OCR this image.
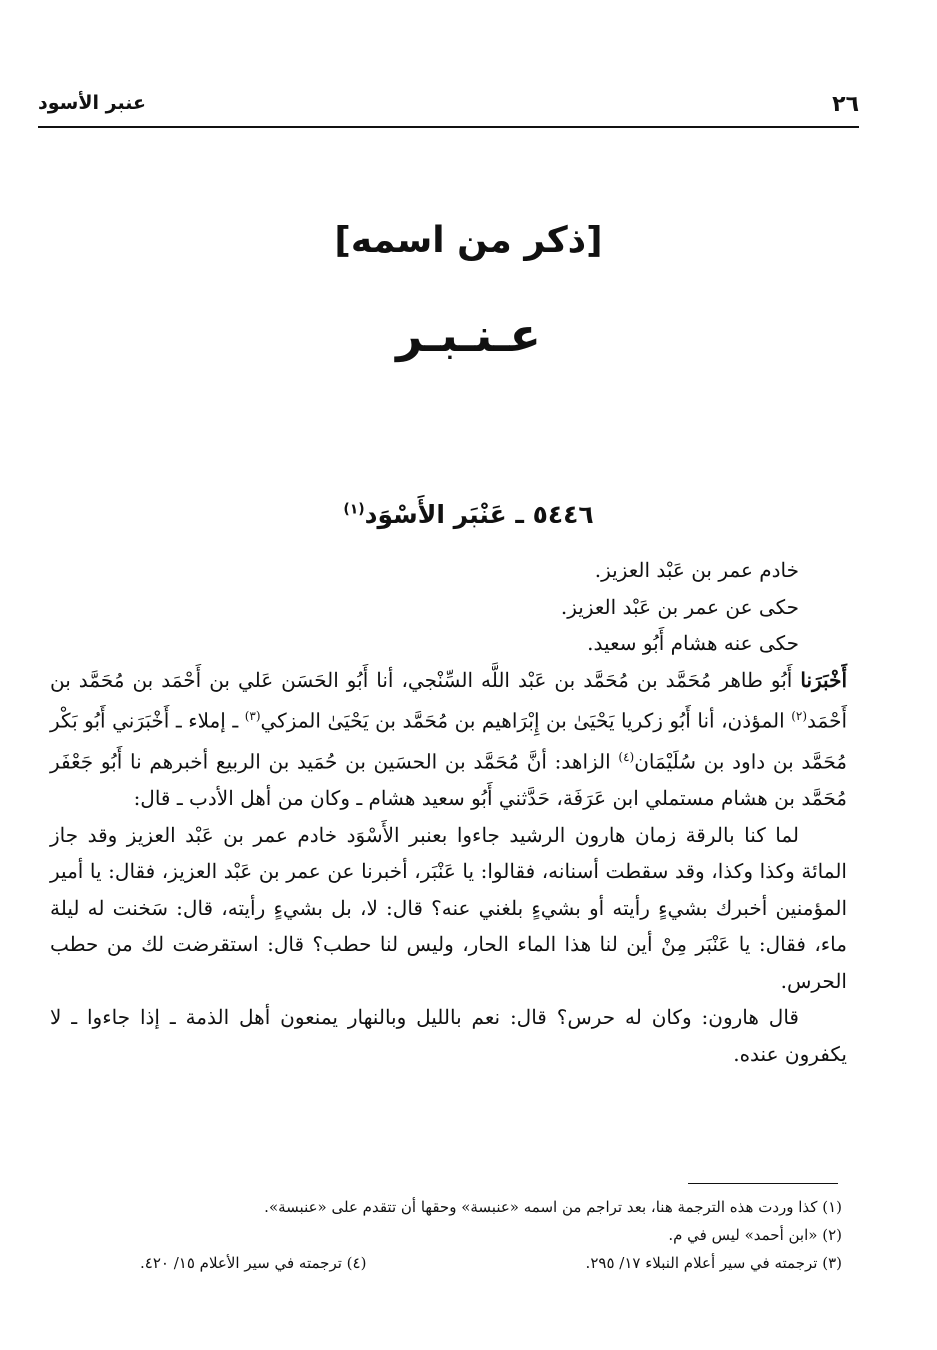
٢٦
عنبر الأسود
[ذكر من اسمه]
عـنـبـر
٥٤٤٦ ـ عَنْبَر الأَسْوَد$^{(١)}$

خادم عمر بن عَبْد العزيز.

حكى عن عمر بن عَبْد العزيز.

حكى عنه هشام أَبُو سعيد.

أَخْبَرَنا أَبُو طاهر مُحَمَّد بن مُحَمَّد بن عَبْد اللَّه السِّنْجي، أنا أَبُو الحَسَن عَلي بن أَحْمَد بن مُحَمَّد بن أَحْمَد$^{(٢)}$ المؤذن، أنا أَبُو زكريا يَحْيَىٰ بن إِبْرَاهيم بن مُحَمَّد بن يَحْيَىٰ المزكي$^{(٣)}$ ـ إملاء ـ أَخْبَرَني أَبُو بَكْر مُحَمَّد بن داود بن سُلَيْمَان$^{(٤)}$ الزاهد: أنَّ مُحَمَّد بن الحسَين بن حُمَيد بن الربيع أخبرهم نا أَبُو جَعْفَر مُحَمَّد بن هشام مستملي ابن عَرَفَة، حَدَّثني أَبُو سعيد هشام ـ وكان من أهل الأدب ـ قال:

لما كنا بالرقة زمان هارون الرشيد جاءوا بعنبر الأَسْوَد خادم عمر بن عَبْد العزيز وقد جاز المائة وكذا وكذا، وقد سقطت أسنانه، فقالوا: يا عَنْبَر، أخبرنا عن عمر بن عَبْد العزيز، فقال: يا أمير المؤمنين أخبرك بشيءٍ رأيته أو بشيءٍ بلغني عنه؟ قال: لا، بل بشيءٍ رأيته، قال: سَخنت له ليلة ماء، فقال: يا عَنْبَر مِنْ أين لنا هذا الماء الحار، وليس لنا حطب؟ قال: استقرضت لك من حطب الحرس.

قال هارون: وكان له حرس؟ قال: نعم بالليل وبالنهار يمنعون أهل الذمة ـ إذا جاءوا ـ لا يكفرون عنده.

(١) كذا وردت هذه الترجمة هنا، بعد تراجم من اسمه «عنبسة» وحقها أن تتقدم على «عنبسة».

(٢) «ابن أحمد» ليس في م.

(٣) ترجمته في سير أعلام النبلاء ١٧/ ٢٩٥.
(٤) ترجمته في سير الأعلام ١٥/ ٤٢٠.
